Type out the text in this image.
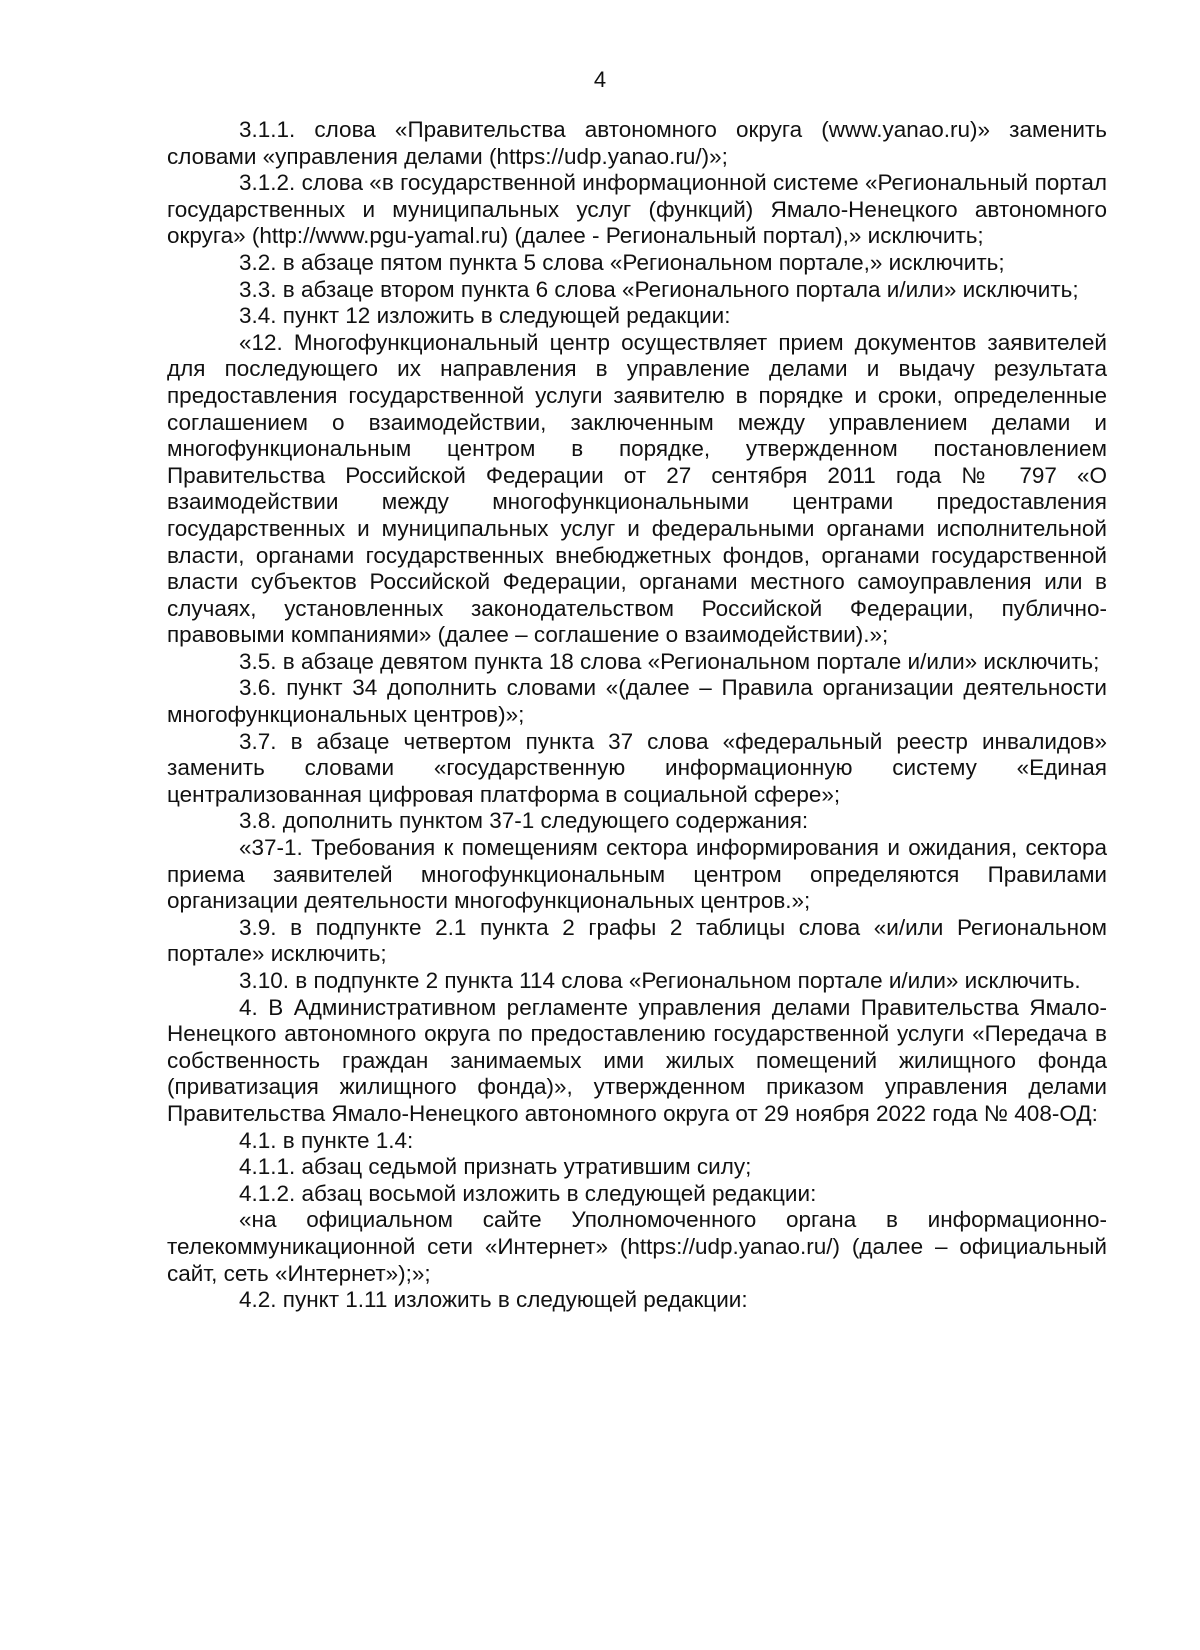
4

3.1.1. слова «Правительства автономного округа (www.yanao.ru)» заменить словами «управления делами (https://udp.yanao.ru/)»;

3.1.2. слова «в государственной информационной системе «Региональный портал государственных и муниципальных услуг (функций) Ямало-Ненецкого автономного округа» (http://www.pgu-yamal.ru) (далее - Региональный портал),» исключить;

3.2. в абзаце пятом пункта 5 слова «Региональном портале,» исключить;

3.3. в абзаце втором пункта 6 слова «Регионального портала и/или» исключить;

3.4. пункт 12 изложить в следующей редакции:

«12. Многофункциональный центр осуществляет прием документов заявителей для последующего их направления в управление делами и выдачу результата предоставления государственной услуги заявителю в порядке и сроки, определенные соглашением о взаимодействии, заключенным между управлением делами и многофункциональным центром в порядке, утвержденном постановлением Правительства Российской Федерации от 27 сентября 2011 года № 797 «О взаимодействии между многофункциональными центрами предоставления государственных и муниципальных услуг и федеральными органами исполнительной власти, органами государственных внебюджетных фондов, органами государственной власти субъектов Российской Федерации, органами местного самоуправления или в случаях, установленных законодательством Российской Федерации, публично-правовыми компаниями» (далее – соглашение о взаимодействии).»;

3.5. в абзаце девятом пункта 18 слова «Региональном портале и/или» исключить;

3.6. пункт 34 дополнить словами «(далее – Правила организации деятельности многофункциональных центров)»;

3.7. в абзаце четвертом пункта 37 слова «федеральный реестр инвалидов» заменить словами «государственную информационную систему «Единая централизованная цифровая платформа в социальной сфере»;

3.8. дополнить пунктом 37-1 следующего содержания:

«37-1. Требования к помещениям сектора информирования и ожидания, сектора приема заявителей многофункциональным центром определяются Правилами организации деятельности многофункциональных центров.»;

3.9. в подпункте 2.1 пункта 2 графы 2 таблицы слова «и/или Региональном портале» исключить;

3.10. в подпункте 2 пункта 114 слова «Региональном портале и/или» исключить.

4. В Административном регламенте управления делами Правительства Ямало-Ненецкого автономного округа по предоставлению государственной услуги «Передача в собственность граждан занимаемых ими жилых помещений жилищного фонда (приватизация жилищного фонда)», утвержденном приказом управления делами Правительства Ямало-Ненецкого автономного округа от 29 ноября 2022 года № 408-ОД:

4.1. в пункте 1.4:

4.1.1. абзац седьмой признать утратившим силу;

4.1.2. абзац восьмой изложить в следующей редакции:

«на официальном сайте Уполномоченного органа в информационно-телекоммуникационной сети «Интернет» (https://udp.yanao.ru/) (далее – официальный сайт, сеть «Интернет»);»;

4.2. пункт 1.11 изложить в следующей редакции:
